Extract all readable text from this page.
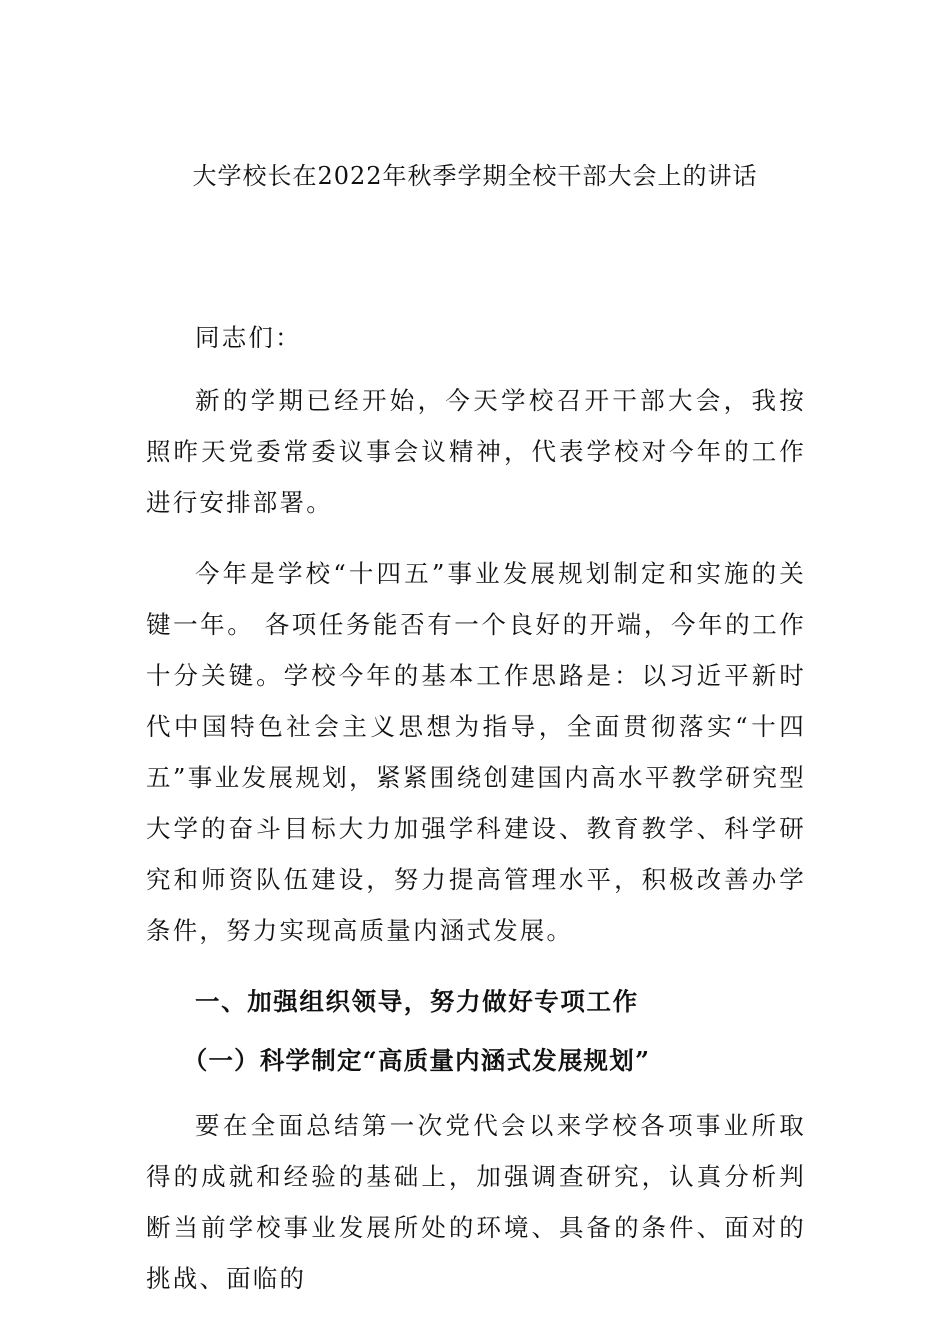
大学校长在2022年秋季学期全校干部大会上的讲话

同志们：

新的学期已经开始，今天学校召开干部大会，我按照昨天党委常委议事会议精神，代表学校对今年的工作进行安排部署。

今年是学校“十四五”事业发展规划制定和实施的关键一年。 各项任务能否有一个良好的开端，今年的工作十分关键。学校今年的基本工作思路是：以习近平新时代中国特色社会主义思想为指导，全面贯彻落实“十四五”事业发展规划，紧紧围绕创建国内高水平教学研究型大学的奋斗目标大力加强学科建设、教育教学、科学研究和师资队伍建设，努力提高管理水平，积极改善办学条件，努力实现高质量内涵式发展。

一、加强组织领导，努力做好专项工作

（一）科学制定“高质量内涵式发展规划”

要在全面总结第一次党代会以来学校各项事业所取得的成就和经验的基础上，加强调查研究，认真分析判断当前学校事业发展所处的环境、具备的条件、面对的挑战、面临的
